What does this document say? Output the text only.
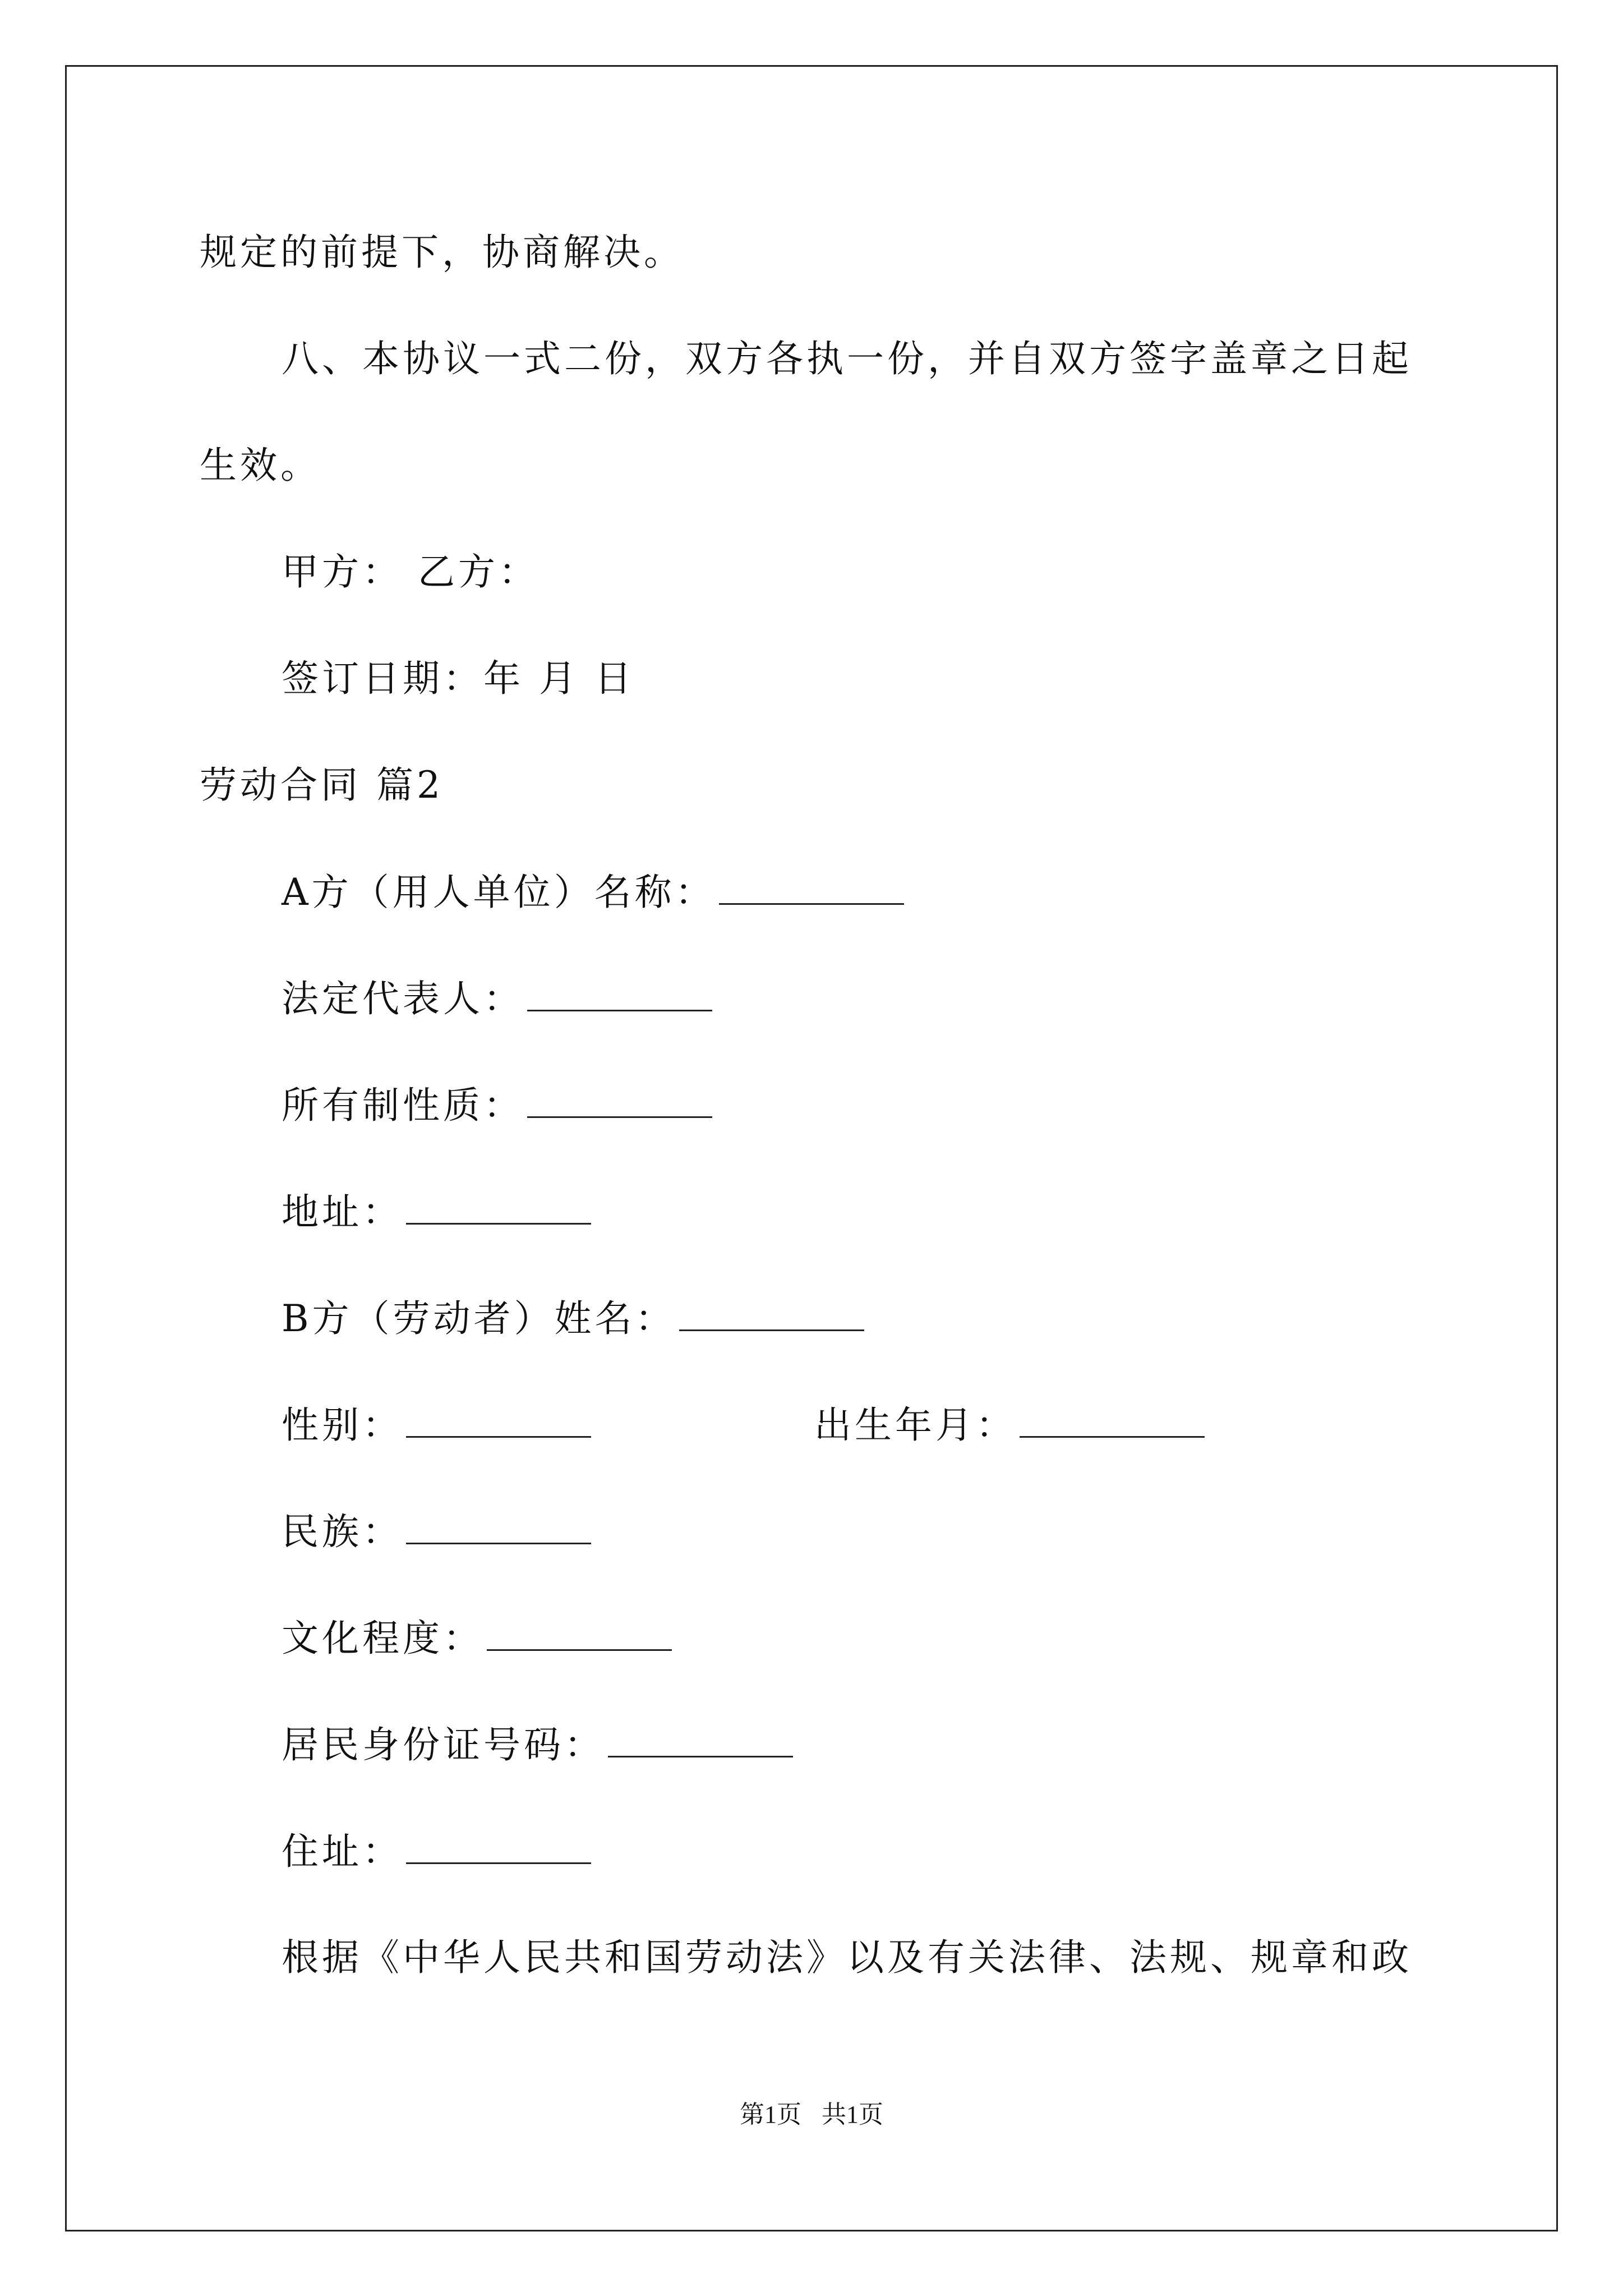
规定的前提下，协商解决。
八、本协议一式二份，双方各执一份，并自双方签字盖章之日起
生效。
甲方： 乙方：
签订日期：年 月 日
劳动合同 篇2
A方（用人单位）名称：
法定代表人：
所有制性质：
地址：
B方（劳动者）姓名：
性别：	出生年月：
民族：
文化程度：
居民身份证号码：
住址：
根据《中华人民共和国劳动法》以及有关法律、法规、规章和政
第1页 共1页
